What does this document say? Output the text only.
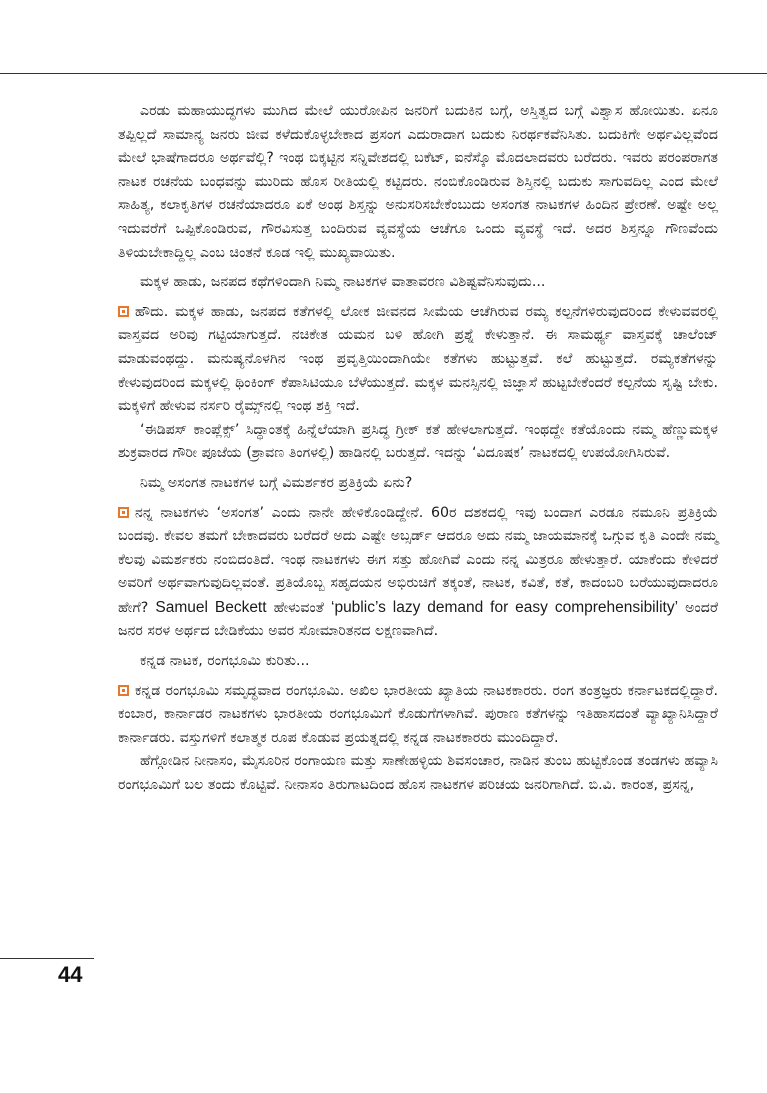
ಎರಡು ಮಹಾಯುದ್ಧಗಳು ಮುಗಿದ ಮೇಲೆ ಯುರೋಪಿನ ಜನರಿಗೆ ಬದುಕಿನ ಬಗ್ಗೆ, ಅಸ್ತಿತ್ವದ ಬಗ್ಗೆ ವಿಶ್ವಾಸ ಹೋಯಿತು. ಏನೂ ತಪ್ಪಿಲ್ಲದೆ ಸಾಮಾನ್ಯ ಜನರು ಜೀವ ಕಳೆದುಕೊಳ್ಳಬೇಕಾದ ಪ್ರಸಂಗ ಎದುರಾದಾಗ ಬದುಕು ನಿರರ್ಥಕವೆನಿಸಿತು. ಬದುಕಿಗೇ ಅರ್ಥವಿಲ್ಲವೆಂದ ಮೇಲೆ ಭಾಷೆಗಾದರೂ ಅರ್ಥವೆಲ್ಲಿ? ಇಂಥ ಬಿಕ್ಕಟ್ಟಿನ ಸನ್ನಿವೇಶದಲ್ಲಿ ಬಕೆಟ್, ಐನೆಸ್ಕೊ ಮೊದಲಾದವರು ಬರೆದರು. ಇವರು ಪರಂಪರಾಗತ ನಾಟಕ ರಚನೆಯ ಬಂಧವನ್ನು ಮುರಿದು ಹೊಸ ರೀತಿಯಲ್ಲಿ ಕಟ್ಟಿದರು. ನಂಬಿಕೊಂಡಿರುವ ಶಿಸ್ತಿನಲ್ಲಿ ಬದುಕು ಸಾಗುವದಿಲ್ಲ ಎಂದ ಮೇಲೆ ಸಾಹಿತ್ಯ, ಕಲಾಕೃತಿಗಳ ರಚನೆಯಾದರೂ ಏಕೆ ಅಂಥ ಶಿಸ್ತನ್ನು ಅನುಸರಿಸಬೇಕೆಂಬುದು ಅಸಂಗತ ನಾಟಕಗಳ ಹಿಂದಿನ ಪ್ರೇರಣೆ. ಅಷ್ಟೇ ಅಲ್ಲ ಇದುವರೆಗೆ ಒಪ್ಪಿಕೊಂಡಿರುವ, ಗೌರವಿಸುತ್ತ ಬಂದಿರುವ ವ್ಯವಸ್ಥೆಯ ಆಚೆಗೂ ಒಂದು ವ್ಯವಸ್ಥೆ ಇದೆ. ಅದರ ಶಿಸ್ತನ್ನೂ ಗೌಣವೆಂದು ತಿಳಿಯಬೇಕಾದ್ದಿಲ್ಲ ಎಂಬ ಚಿಂತನೆ ಕೂಡ ಇಲ್ಲಿ ಮುಖ್ಯವಾಯಿತು.

ಮಕ್ಕಳ ಹಾಡು, ಜನಪದ ಕಥೆಗಳಿಂದಾಗಿ ನಿಮ್ಮ ನಾಟಕಗಳ ವಾತಾವರಣ ವಿಶಿಷ್ಟವೆನಿಸುವುದು...

ಹೌದು. ಮಕ್ಕಳ ಹಾಡು, ಜನಪದ ಕತೆಗಳಲ್ಲಿ ಲೋಕ ಜೀವನದ ಸೀಮೆಯ ಆಚೆಗಿರುವ ರಮ್ಯ ಕಲ್ಪನೆಗಳಿರುವುದರಿಂದ ಕೇಳುವವರಲ್ಲಿ ವಾಸ್ತವದ ಅರಿವು ಗಟ್ಟಿಯಾಗುತ್ತದೆ. ನಚಿಕೇತ ಯಮನ ಬಳಿ ಹೋಗಿ ಪ್ರಶ್ನೆ ಕೇಳುತ್ತಾನೆ. ಈ ಸಾಮರ್ಥ್ಯ ವಾಸ್ತವಕ್ಕೆ ಚಾಲೆಂಜ್ ಮಾಡುವಂಥದ್ದು. ಮನುಷ್ಯನೊಳಗಿನ ಇಂಥ ಪ್ರವೃತ್ತಿಯಿಂದಾಗಿಯೇ ಕತೆಗಳು ಹುಟ್ಟುತ್ತವೆ. ಕಲೆ ಹುಟ್ಟುತ್ತದೆ. ರಮ್ಯಕತೆಗಳನ್ನು ಕೇಳುವುದರಿಂದ ಮಕ್ಕಳಲ್ಲಿ ಥಿಂಕಿಂಗ್ ಕೆಪಾಸಿಟಿಯೂ ಬೆಳೆಯುತ್ತದೆ. ಮಕ್ಕಳ ಮನಸ್ಸಿನಲ್ಲಿ ಜಿಜ್ಞಾಸೆ ಹುಟ್ಟಬೇಕೆಂದರೆ ಕಲ್ಪನೆಯ ಸೃಷ್ಟಿ ಬೇಕು. ಮಕ್ಕಳಿಗೆ ಹೇಳುವ ನರ್ಸರಿ ರೈಮ್ಸ್‌ನಲ್ಲಿ ಇಂಥ ಶಕ್ತಿ ಇದೆ.

‘ಈಡಿಪಸ್ ಕಾಂಪ್ಲೆಕ್ಸ್’ ಸಿದ್ಧಾಂತಕ್ಕೆ ಹಿನ್ನೆಲೆಯಾಗಿ ಪ್ರಸಿದ್ಧ ಗ್ರೀಕ್ ಕತೆ ಹೇಳಲಾಗುತ್ತದೆ. ಇಂಥದ್ದೇ ಕತೆಯೊಂದು ನಮ್ಮ ಹೆಣ್ಣುಮಕ್ಕಳ ಶುಕ್ರವಾರದ ಗೌರೀ ಪೂಜೆಯ (ಶ್ರಾವಣ ತಿಂಗಳಲ್ಲಿ) ಹಾಡಿನಲ್ಲಿ ಬರುತ್ತದೆ. ಇದನ್ನು ‘ವಿದೂಷಕ’ ನಾಟಕದಲ್ಲಿ ಉಪಯೋಗಿಸಿರುವೆ.

ನಿಮ್ಮ ಅಸಂಗತ ನಾಟಕಗಳ ಬಗ್ಗೆ ವಿಮರ್ಶಕರ ಪ್ರತಿಕ್ರಿಯೆ ಏನು?

ನನ್ನ ನಾಟಕಗಳು ‘ಅಸಂಗತ’ ಎಂದು ನಾನೇ ಹೇಳಿಕೊಂಡಿದ್ದೇನೆ. 60ರ ದಶಕದಲ್ಲಿ ಇವು ಬಂದಾಗ ಎರಡೂ ನಮೂನಿ ಪ್ರತಿಕ್ರಿಯೆ ಬಂದವು. ಕೇವಲ ತಮಗೆ ಬೇಕಾದವರು ಬರೆದರೆ ಅದು ಎಷ್ಟೇ ಅಬ್ಸರ್ಡ್ ಆದರೂ ಅದು ನಮ್ಮ ಜಾಯಮಾನಕ್ಕೆ ಒಗ್ಗುವ ಕೃತಿ ಎಂದೇ ನಮ್ಮ ಕೆಲವು ವಿಮರ್ಶಕರು ನಂಬಿದಂತಿದೆ. ಇಂಥ ನಾಟಕಗಳು ಈಗ ಸತ್ತು ಹೋಗಿವೆ ಎಂದು ನನ್ನ ಮಿತ್ರರೂ ಹೇಳುತ್ತಾರೆ. ಯಾಕೆಂದು ಕೇಳಿದರೆ ಅವರಿಗೆ ಅರ್ಥವಾಗುವುದಿಲ್ಲವಂತೆ. ಪ್ರತಿಯೊಬ್ಬ ಸಹೃದಯನ ಅಭಿರುಚಿಗೆ ತಕ್ಕಂತೆ, ನಾಟಕ, ಕವಿತೆ, ಕತೆ, ಕಾದಂಬರಿ ಬರೆಯುವುದಾದರೂ ಹೇಗೆ? Samuel Beckett ಹೇಳುವಂತೆ ‘public’s lazy demand for easy comprehensibility’ ಅಂದರೆ ಜನರ ಸರಳ ಅರ್ಥದ ಬೇಡಿಕೆಯು ಅವರ ಸೋಮಾರಿತನದ ಲಕ್ಷಣವಾಗಿದೆ.

ಕನ್ನಡ ನಾಟಕ, ರಂಗಭೂಮಿ ಕುರಿತು...

ಕನ್ನಡ ರಂಗಭೂಮಿ ಸಮೃದ್ಧವಾದ ರಂಗಭೂಮಿ. ಅಖಿಲ ಭಾರತೀಯ ಖ್ಯಾತಿಯ ನಾಟಕಕಾರರು. ರಂಗ ತಂತ್ರಜ್ಞರು ಕರ್ನಾಟಕದಲ್ಲಿದ್ದಾರೆ. ಕಂಬಾರ, ಕಾರ್ನಾಡರ ನಾಟಕಗಳು ಭಾರತೀಯ ರಂಗಭೂಮಿಗೆ ಕೊಡುಗೆಗಳಾಗಿವೆ. ಪುರಾಣ ಕತೆಗಳನ್ನು ಇತಿಹಾಸದಂತೆ ವ್ಯಾಖ್ಯಾನಿಸಿದ್ದಾರೆ ಕಾರ್ನಾಡರು. ವಸ್ತುಗಳಿಗೆ ಕಲಾತ್ಮಕ ರೂಪ ಕೊಡುವ ಪ್ರಯತ್ನದಲ್ಲಿ ಕನ್ನಡ ನಾಟಕಕಾರರು ಮುಂದಿದ್ದಾರೆ.

ಹೆಗ್ಗೋಡಿನ ನೀನಾಸಂ, ಮೈಸೂರಿನ ರಂಗಾಯಣ ಮತ್ತು ಸಾಣೇಹಳ್ಳಿಯ ಶಿವಸಂಚಾರ, ನಾಡಿನ ತುಂಬ ಹುಟ್ಟಿಕೊಂಡ ತಂಡಗಳು ಹವ್ಯಾಸಿ ರಂಗಭೂಮಿಗೆ ಬಲ ತಂದು ಕೊಟ್ಟಿವೆ. ನೀನಾಸಂ ತಿರುಗಾಟದಿಂದ ಹೊಸ ನಾಟಕಗಳ ಪರಿಚಯ ಜನರಿಗಾಗಿದೆ. ಬಿ.ವಿ. ಕಾರಂತ, ಪ್ರಸನ್ನ,

44
